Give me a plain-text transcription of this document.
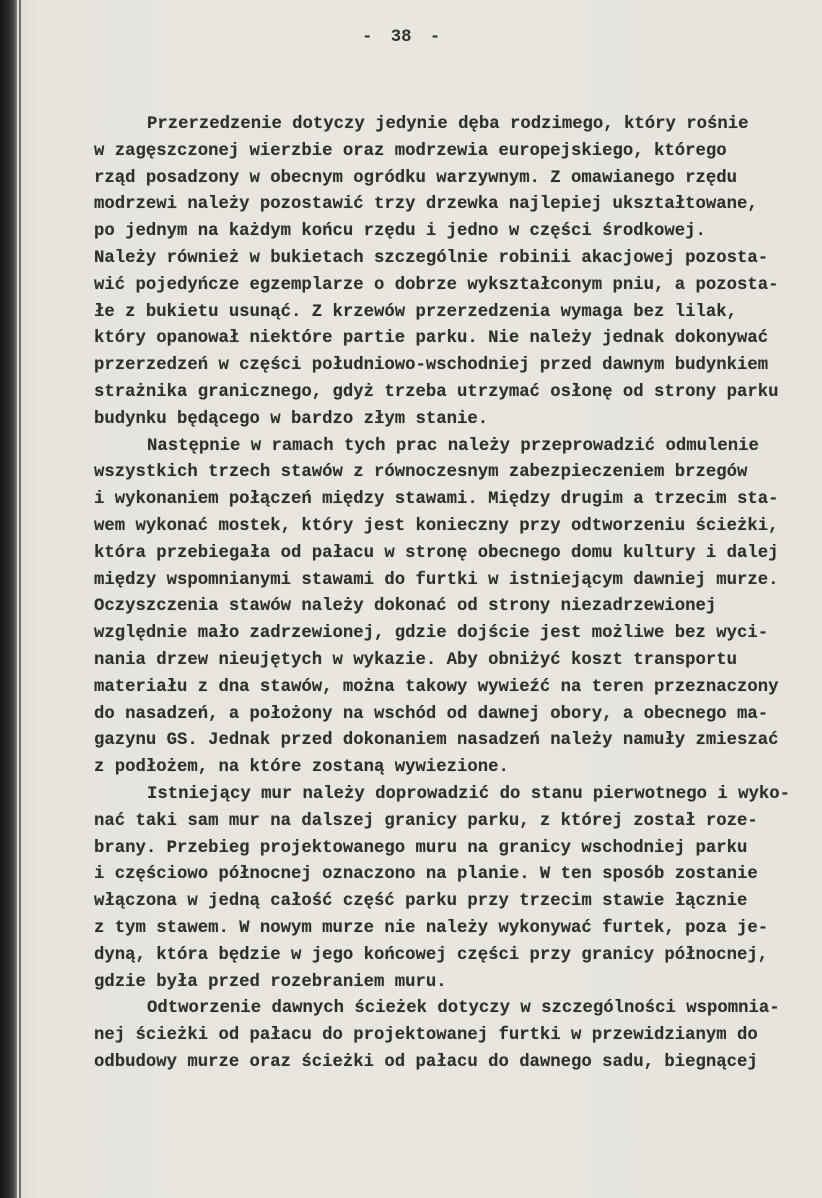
- 38 -
Przerzedzenie dotyczy jedynie dęba rodzimego, który rośnie
w zagęszczonej wierzbie oraz modrzewia europejskiego, którego
rząd posadzony w obecnym ogródku warzywnym. Z omawianego rzędu
modrzewi należy pozostawić trzy drzewka najlepiej ukształtowane,
po jednym na każdym końcu rzędu i jedno w części środkowej.
Należy również w bukietach szczególnie robinii akacjowej pozosta-
wić pojedyńcze egzemplarze o dobrze wykształconym pniu, a pozosta-
łe z bukietu usunąć. Z krzewów przerzedzenia wymaga bez lilak,
który opanował niektóre partie parku. Nie należy jednak dokonywać
przerzedzeń w części południowo-wschodniej przed dawnym budynkiem
strażnika granicznego, gdyż trzeba utrzymać osłonę od strony parku
budynku będącego w bardzo złym stanie.
Następnie w ramach tych prac należy przeprowadzić odmulenie
wszystkich trzech stawów z równoczesnym zabezpieczeniem brzegów
i wykonaniem połączeń między stawami. Między drugim a trzecim sta-
wem wykonać mostek, który jest konieczny przy odtworzeniu ścieżki,
która przebiegała od pałacu w stronę obecnego domu kultury i dalej
między wspomnianymi stawami do furtki w istniejącym dawniej murze.
Oczyszczenia stawów należy dokonać od strony niezadrzewionej
względnie mało zadrzewionej, gdzie dojście jest możliwe bez wyci-
nania drzew nieujętych w wykazie. Aby obniżyć koszt transportu
materiału z dna stawów, można takowy wywieźć na teren przeznaczony
do nasadzeń, a położony na wschód od dawnej obory, a obecnego ma-
gazynu GS. Jednak przed dokonaniem nasadzeń należy namuły zmieszać
z podłożem, na które zostaną wywiezione.
Istniejący mur należy doprowadzić do stanu pierwotnego i wyko-
nać taki sam mur na dalszej granicy parku, z której został roze-
brany. Przebieg projektowanego muru na granicy wschodniej parku
i częściowo północnej oznaczono na planie. W ten sposób zostanie
włączona w jedną całość część parku przy trzecim stawie łącznie
z tym stawem. W nowym murze nie należy wykonywać furtek, poza je-
dyną, która będzie w jego końcowej części przy granicy północnej,
gdzie była przed rozebraniem muru.
Odtworzenie dawnych ścieżek dotyczy w szczególności wspomnia-
nej ścieżki od pałacu do projektowanej furtki w przewidzianym do
odbudowy murze oraz ścieżki od pałacu do dawnego sadu, biegnącej
